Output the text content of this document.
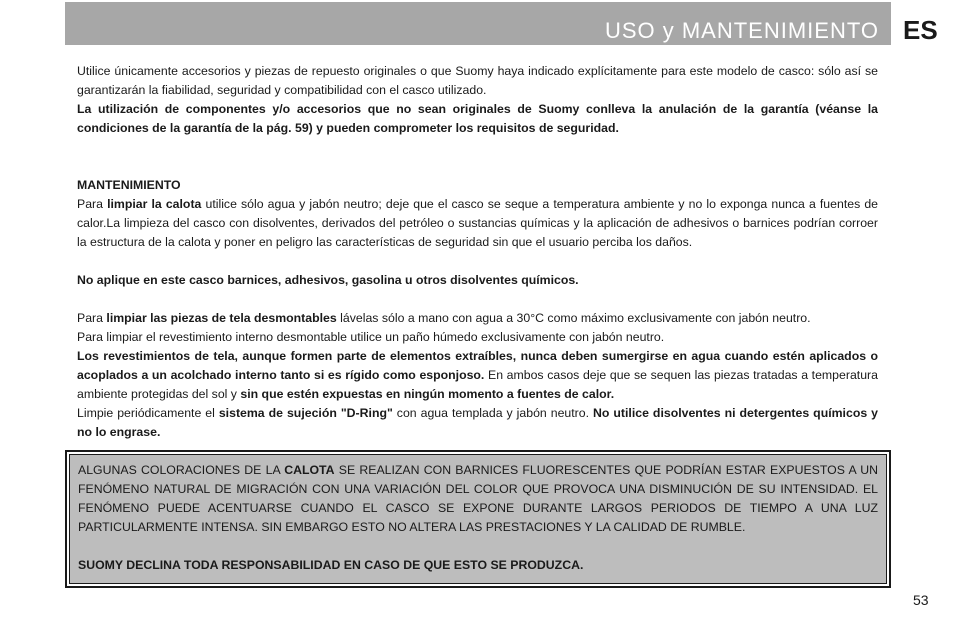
USO y MANTENIMIENTO ES

Utilice únicamente accesorios y piezas de repuesto originales o que Suomy haya indicado explícitamente para este modelo de casco: sólo así se garantizarán la fiabilidad, seguridad y compatibilidad con el casco utilizado.

La utilización de componentes y/o accesorios que no sean originales de Suomy conlleva la anulación de la garantía (véanse la condiciones de la garantía de la pág. 59) y pueden comprometer los requisitos de seguridad.

MANTENIMIENTO

Para limpiar la calota utilice sólo agua y jabón neutro; deje que el casco se seque a temperatura ambiente y no lo exponga nunca a fuentes de calor.La limpieza del casco con disolventes, derivados del petróleo o sustancias químicas y la aplicación de adhesivos o barnices podrían corroer la estructura de la calota y poner en peligro las características de seguridad sin que el usuario perciba los daños.

No aplique en este casco barnices, adhesivos, gasolina u otros disolventes químicos.

Para limpiar las piezas de tela desmontables lávelas sólo a mano con agua a 30°C como máximo exclusivamente con jabón neutro.

Para limpiar el revestimiento interno desmontable utilice un paño húmedo exclusivamente con jabón neutro.

Los revestimientos de tela, aunque formen parte de elementos extraíbles, nunca deben sumergirse en agua cuando estén aplicados o acoplados a un acolchado interno tanto si es rígido como esponjoso. En ambos casos deje que se sequen las piezas tratadas a temperatura ambiente protegidas del sol y sin que estén expuestas en ningún momento a fuentes de calor.

Limpie periódicamente el sistema de sujeción "D-Ring" con agua templada y jabón neutro. No utilice disolventes ni detergentes químicos y no lo engrase.

ALGUNAS COLORACIONES DE LA CALOTA SE REALIZAN CON BARNICES FLUORESCENTES QUE PODRÍAN ESTAR EXPUESTOS A UN FENÓMENO NATURAL DE MIGRACIÓN CON UNA VARIACIÓN DEL COLOR QUE PROVOCA UNA DISMINUCIÓN DE SU INTENSIDAD. EL FENÓMENO PUEDE ACENTUARSE CUANDO EL CASCO SE EXPONE DURANTE LARGOS PERIODOS DE TIEMPO A UNA LUZ PARTICULARMENTE INTENSA. SIN EMBARGO ESTO NO ALTERA LAS PRESTACIONES Y LA CALIDAD DE RUMBLE.

SUOMY DECLINA TODA RESPONSABILIDAD EN CASO DE QUE ESTO SE PRODUZCA.

53
